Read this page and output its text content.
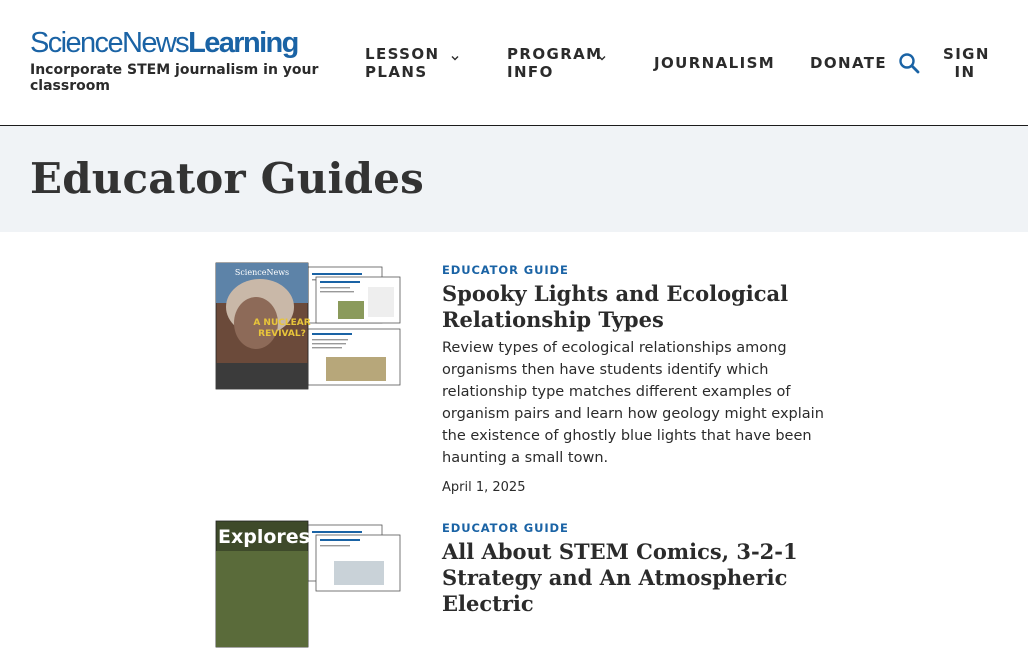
ScienceNewsLearning
Incorporate STEM journalism in your classroom
LESSON PLANS
PROGRAM INFO	JOURNALISM DONATE	SIGN IN
Educator Guides
ScienceNews
A NUCLEAR
REVIVAL?
EDUCATOR GUIDE
Spooky Lights and Ecological Relationship Types

Review types of ecological relationships among organisms then have students identify which relationship type matches different examples of organism pairs and learn how geology might explain the existence of ghostly blue lights that have been haunting a small town.

April 1, 2025
Explores	EDUCATOR GUIDE
All About STEM Comics, 3-2-1 Strategy and An Atmospheric Electric
